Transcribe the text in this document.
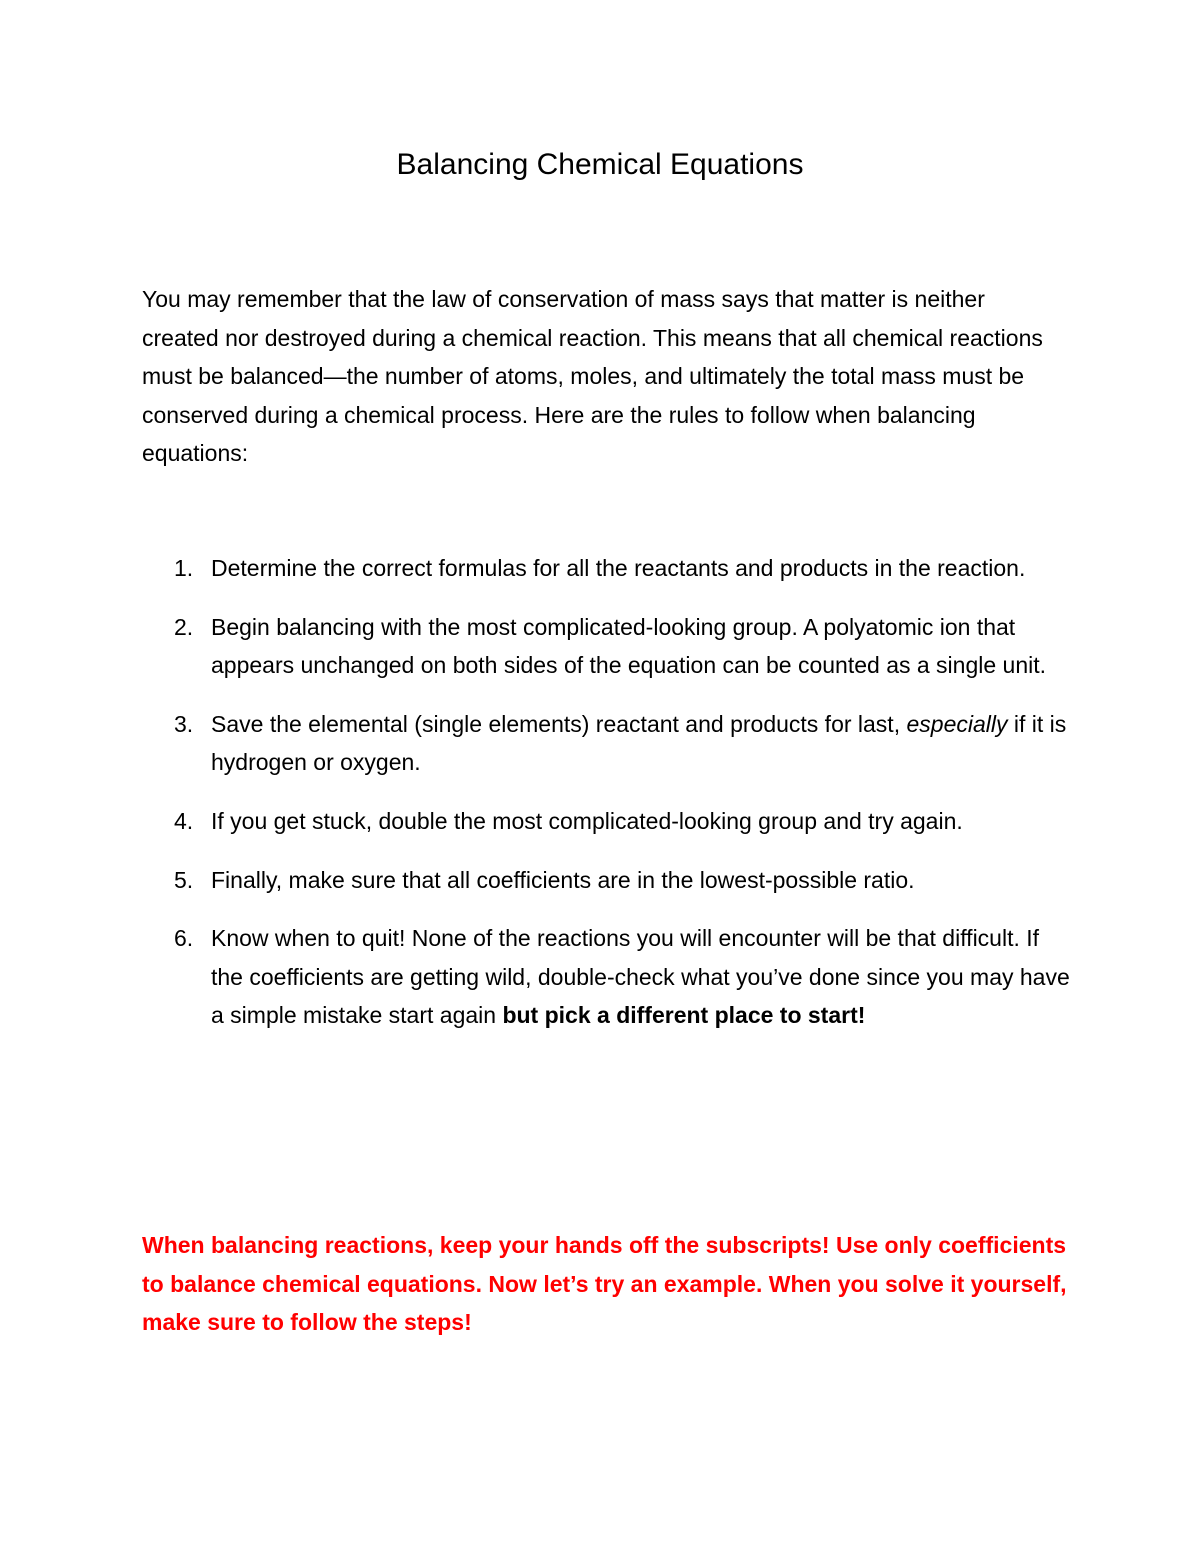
Balancing Chemical Equations

You may remember that the law of conservation of mass says that matter is neither created nor destroyed during a chemical reaction. This means that all chemical reactions must be balanced—the number of atoms, moles, and ultimately the total mass must be conserved during a chemical process. Here are the rules to follow when balancing equations:

1. Determine the correct formulas for all the reactants and products in the reaction.
2. Begin balancing with the most complicated-looking group. A polyatomic ion that appears unchanged on both sides of the equation can be counted as a single unit.
3. Save the elemental (single elements) reactant and products for last, especially if it is hydrogen or oxygen.
4. If you get stuck, double the most complicated-looking group and try again.
5. Finally, make sure that all coefficients are in the lowest-possible ratio.
6. Know when to quit! None of the reactions you will encounter will be that difficult. If the coefficients are getting wild, double-check what you’ve done since you may have a simple mistake start again but pick a different place to start!

When balancing reactions, keep your hands off the subscripts! Use only coefficients to balance chemical equations. Now let’s try an example. When you solve it yourself, make sure to follow the steps!
